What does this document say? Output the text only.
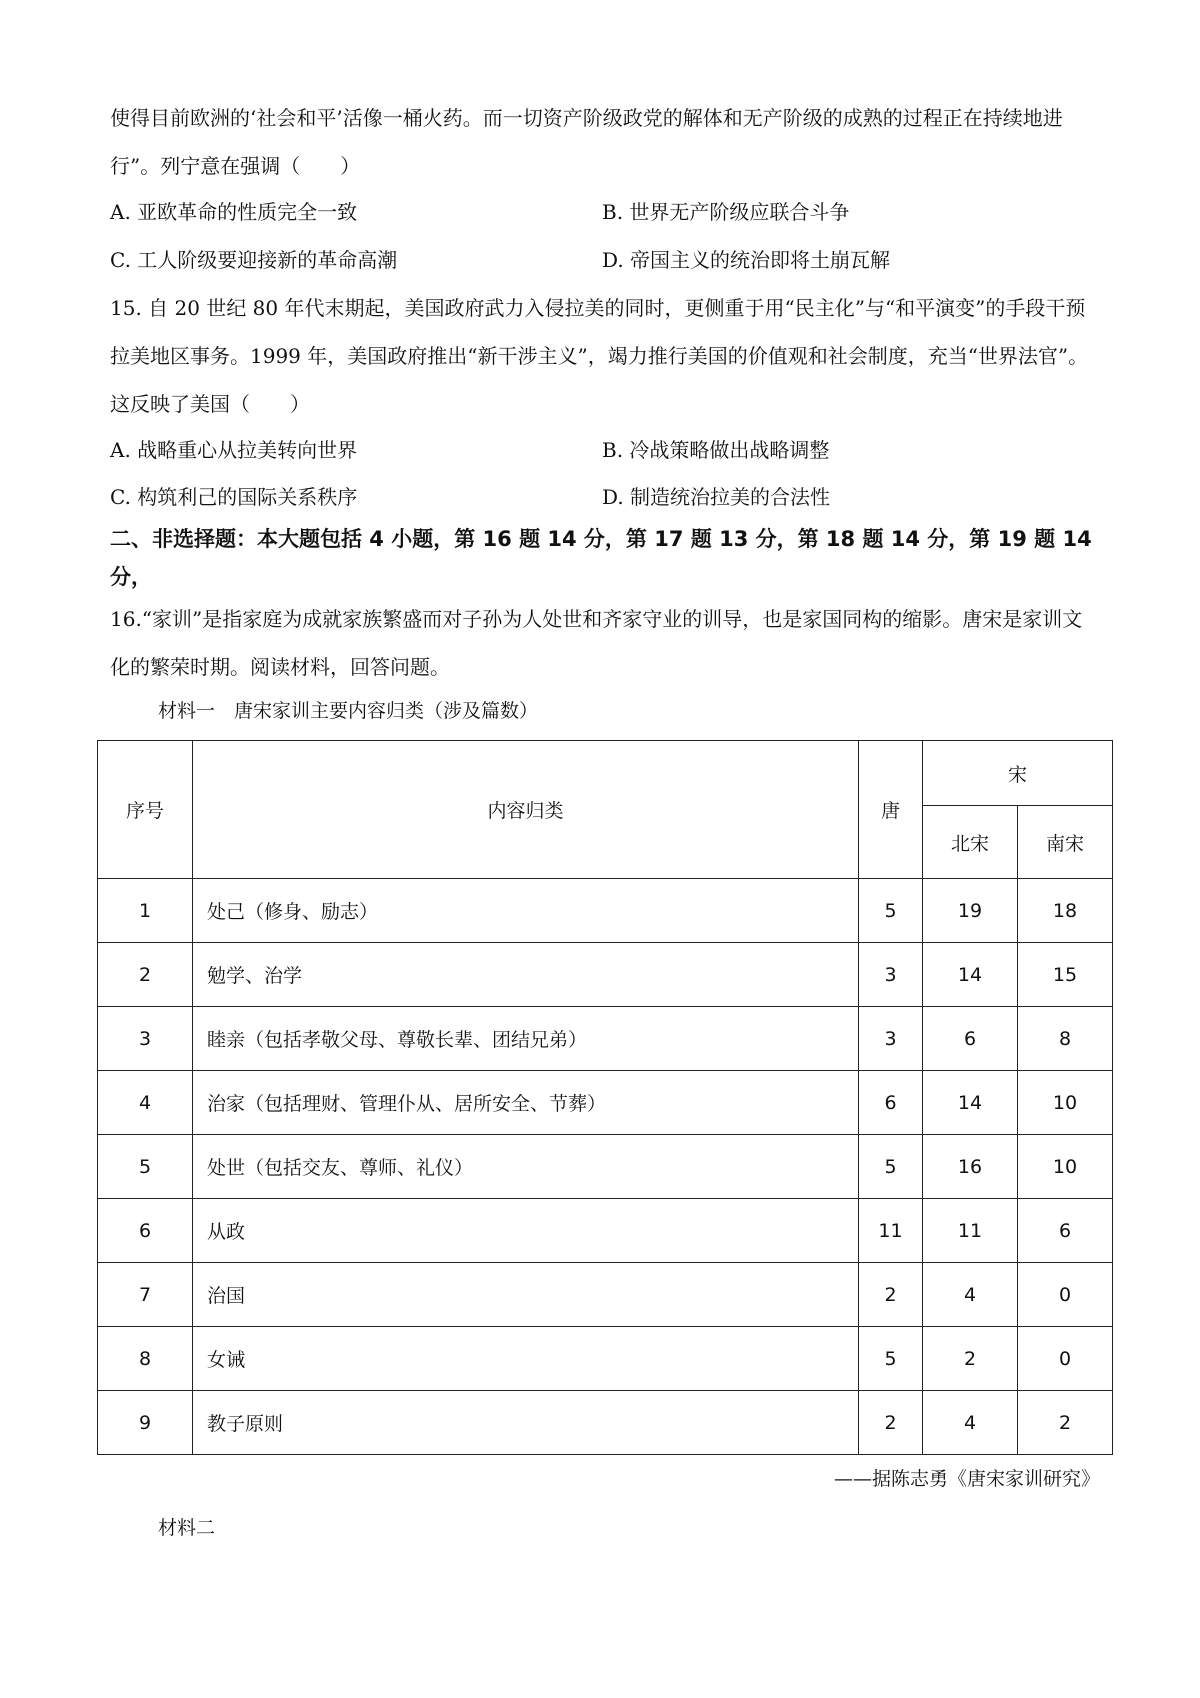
使得目前欧洲的‘社会和平’活像一桶火药。而一切资产阶级政党的解体和无产阶级的成熟的过程正在持续地进行”。列宁意在强调（　　）

A. 亚欧革命的性质完全一致	B. 世界无产阶级应联合斗争
C. 工人阶级要迎接新的革命高潮	D. 帝国主义的统治即将土崩瓦解

15. 自 20 世纪 80 年代末期起，美国政府武力入侵拉美的同时，更侧重于用“民主化”与“和平演变”的手段干预拉美地区事务。1999 年，美国政府推出“新干涉主义”，竭力推行美国的价值观和社会制度，充当“世界法官”。这反映了美国（　　）

A. 战略重心从拉美转向世界	B. 冷战策略做出战略调整
C. 构筑利己的国际关系秩序	D. 制造统治拉美的合法性

二、非选择题：本大题包括 4 小题，第 16 题 14 分，第 17 题 13 分，第 18 题 14 分，第 19 题 14 分，

16.“家训”是指家庭为成就家族繁盛而对子孙为人处世和齐家守业的训导，也是家国同构的缩影。唐宋是家训文化的繁荣时期。阅读材料，回答问题。

材料一　唐宋家训主要内容归类（涉及篇数）
序号	内容归类	唐	宋	
			北宋	南宋
1	处己（修身、励志）	5	19	18
2	勉学、治学	3	14	15
3	睦亲（包括孝敬父母、尊敬长辈、团结兄弟）	3	6	8
4	治家（包括理财、管理仆从、居所安全、节葬）	6	14	10
5	处世（包括交友、尊师、礼仪）	5	16	10
6	从政	11	11	6
7	治国	2	4	0
8	女诫	5	2	0
9	教子原则	2	4	2
——据陈志勇《唐宋家训研究》
材料二
